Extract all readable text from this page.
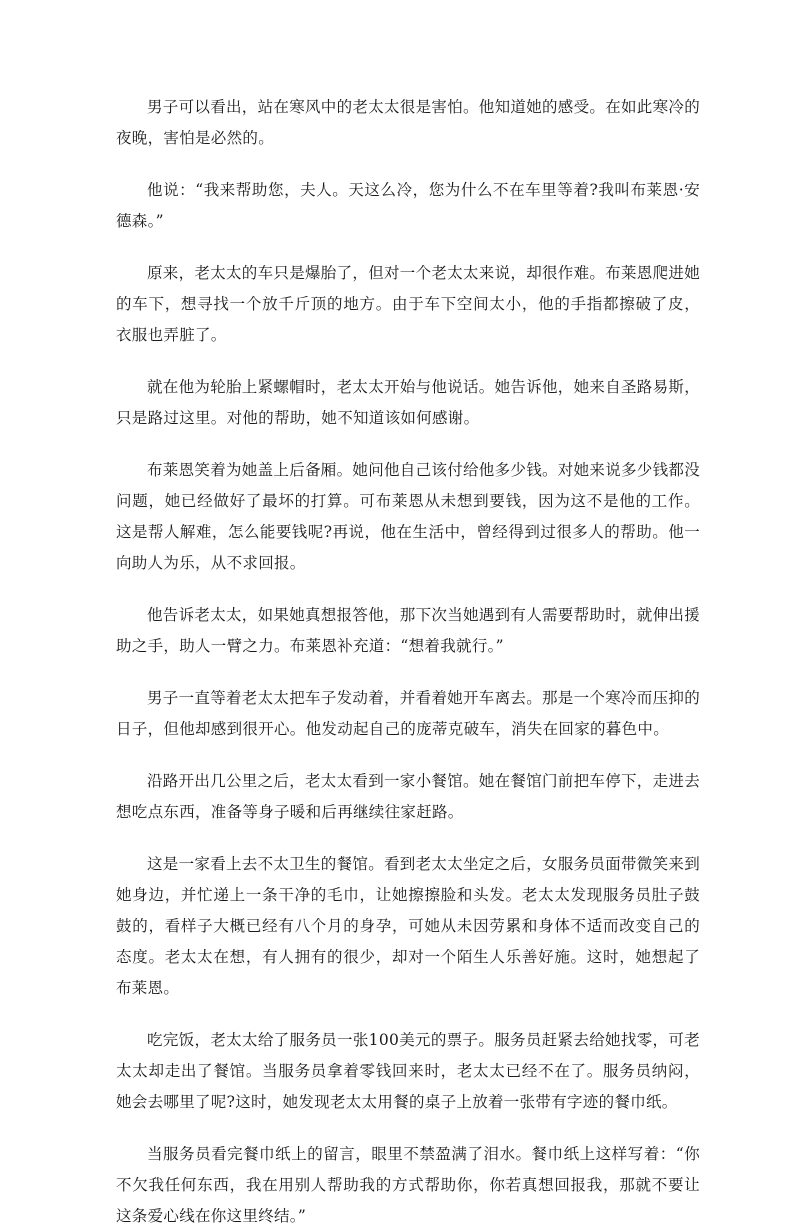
男子可以看出，站在寒风中的老太太很是害怕。他知道她的感受。在如此寒冷的夜晚，害怕是必然的。

他说：“我来帮助您，夫人。天这么冷，您为什么不在车里等着?我叫布莱恩·安德森。”

原来，老太太的车只是爆胎了，但对一个老太太来说，却很作难。布莱恩爬进她的车下，想寻找一个放千斤顶的地方。由于车下空间太小，他的手指都擦破了皮，衣服也弄脏了。

就在他为轮胎上紧螺帽时，老太太开始与他说话。她告诉他，她来自圣路易斯，只是路过这里。对他的帮助，她不知道该如何感谢。

布莱恩笑着为她盖上后备厢。她问他自己该付给他多少钱。对她来说多少钱都没问题，她已经做好了最坏的打算。可布莱恩从未想到要钱，因为这不是他的工作。这是帮人解难，怎么能要钱呢?再说，他在生活中，曾经得到过很多人的帮助。他一向助人为乐，从不求回报。

他告诉老太太，如果她真想报答他，那下次当她遇到有人需要帮助时，就伸出援助之手，助人一臂之力。布莱恩补充道：“想着我就行。”

男子一直等着老太太把车子发动着，并看着她开车离去。那是一个寒冷而压抑的日子，但他却感到很开心。他发动起自己的庞蒂克破车，消失在回家的暮色中。

沿路开出几公里之后，老太太看到一家小餐馆。她在餐馆门前把车停下，走进去想吃点东西，准备等身子暖和后再继续往家赶路。

这是一家看上去不太卫生的餐馆。看到老太太坐定之后，女服务员面带微笑来到她身边，并忙递上一条干净的毛巾，让她擦擦脸和头发。老太太发现服务员肚子鼓鼓的，看样子大概已经有八个月的身孕，可她从未因劳累和身体不适而改变自己的态度。老太太在想，有人拥有的很少，却对一个陌生人乐善好施。这时，她想起了布莱恩。

吃完饭，老太太给了服务员一张100美元的票子。服务员赶紧去给她找零，可老太太却走出了餐馆。当服务员拿着零钱回来时，老太太已经不在了。服务员纳闷，她会去哪里了呢?这时，她发现老太太用餐的桌子上放着一张带有字迹的餐巾纸。

当服务员看完餐巾纸上的留言，眼里不禁盈满了泪水。餐巾纸上这样写着：“你不欠我任何东西，我在用别人帮助我的方式帮助你，你若真想回报我，那就不要让这条爱心线在你这里终结。”
